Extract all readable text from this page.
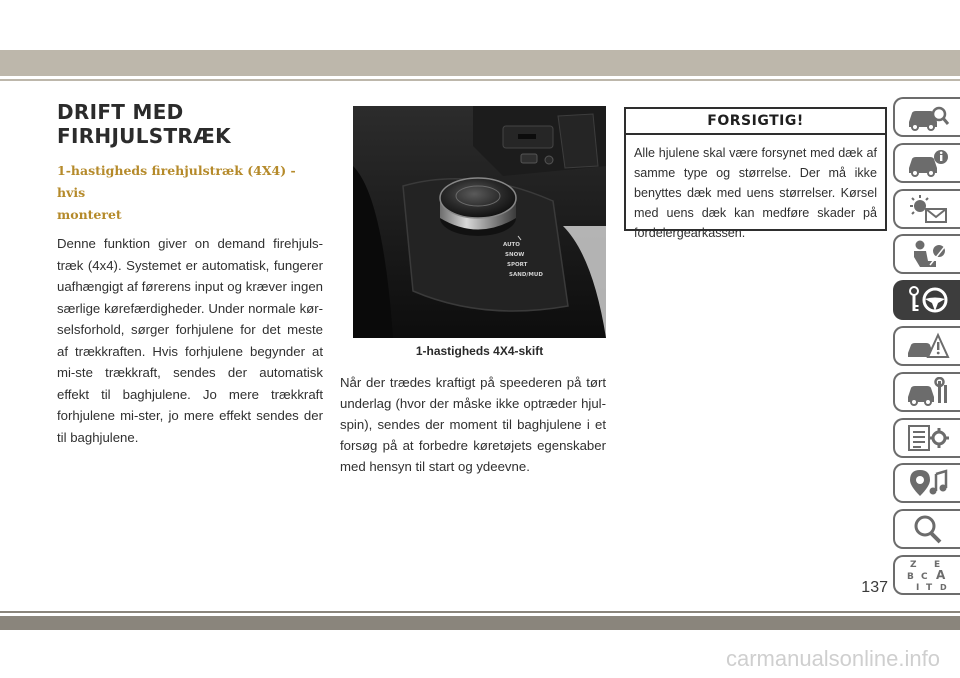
DRIFT MED FIRHJULSTRÆK
1-hastigheds firehjulstræk (4X4) - hvis
monteret

Denne funktion giver on demand firehjuls-træk (4x4). Systemet er automatisk, fungerer uafhængigt af førerens input og kræver ingen særlige kørefærdigheder. Under normale kør-selsforhold, sørger forhjulene for det meste af trækkraften. Hvis forhjulene begynder at mi-ste trækkraft, sendes der automatisk effekt til baghjulene. Jo mere trækkraft forhjulene mi-ster, jo mere effekt sendes der til baghjulene.

AUTO
SNOW
SPORT
SAND/MUD
1-hastigheds 4X4-skift

Når der trædes kraftigt på speederen på tørt underlag (hvor der måske ikke optræder hjul-spin), sendes der moment til baghjulene i et forsøg på at forbedre køretøjets egenskaber med hensyn til start og ydeevne.

FORSIGTIG!
Alle hjulene skal være forsynet med dæk af samme type og størrelse. Der må ikke benyttes dæk med uens størrelser. Kørsel med uens dæk kan medføre skader på fordelergearkassen.
Z E
B A
I
C
T D
137
carmanualsonline.info
